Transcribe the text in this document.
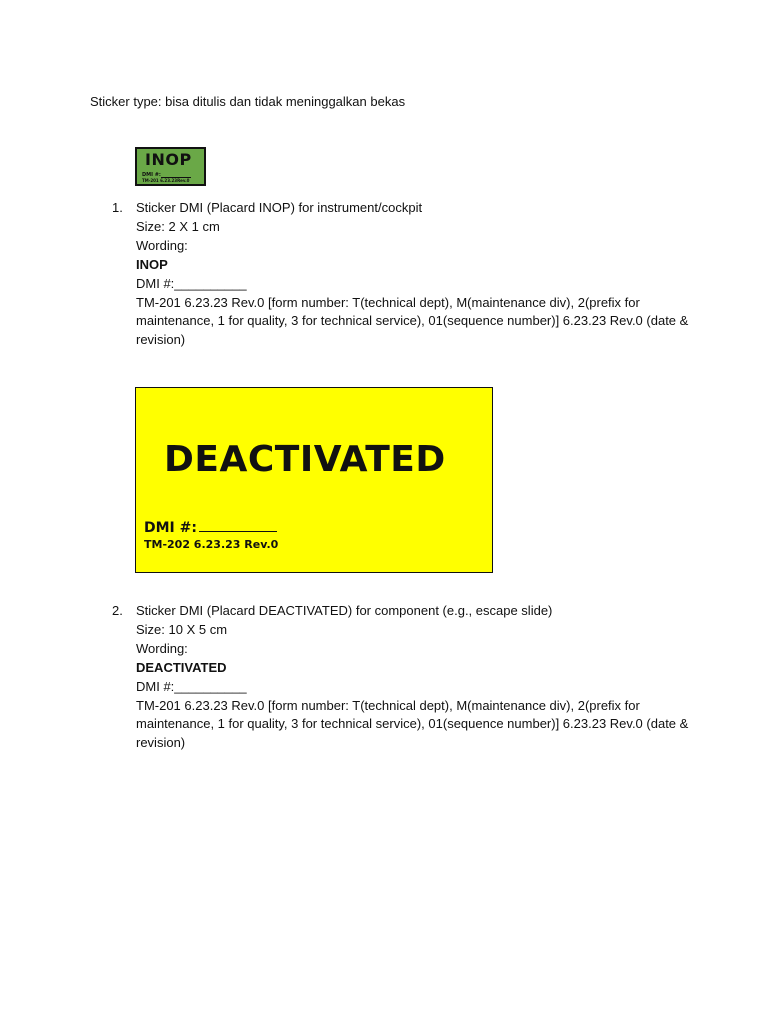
Sticker type: bisa ditulis dan tidak meninggalkan bekas
INOP
DMI #:
TM-201 6.23.23Rev.0
1. Sticker DMI (Placard INOP) for instrument/cockpit

Size: 2 X 1 cm

Wording:

INOP

DMI #:__________

TM-201 6.23.23 Rev.0 [form number: T(technical dept), M(maintenance div), 2(prefix for maintenance, 1 for quality, 3 for technical service), 01(sequence number)] 6.23.23 Rev.0 (date & revision)

DEACTIVATED
DMI #:
TM-202 6.23.23 Rev.0
2. Sticker DMI (Placard DEACTIVATED) for component (e.g., escape slide)

Size: 10 X 5 cm

Wording:

DEACTIVATED

DMI #:__________

TM-201 6.23.23 Rev.0 [form number: T(technical dept), M(maintenance div), 2(prefix for maintenance, 1 for quality, 3 for technical service), 01(sequence number)] 6.23.23 Rev.0 (date & revision)
